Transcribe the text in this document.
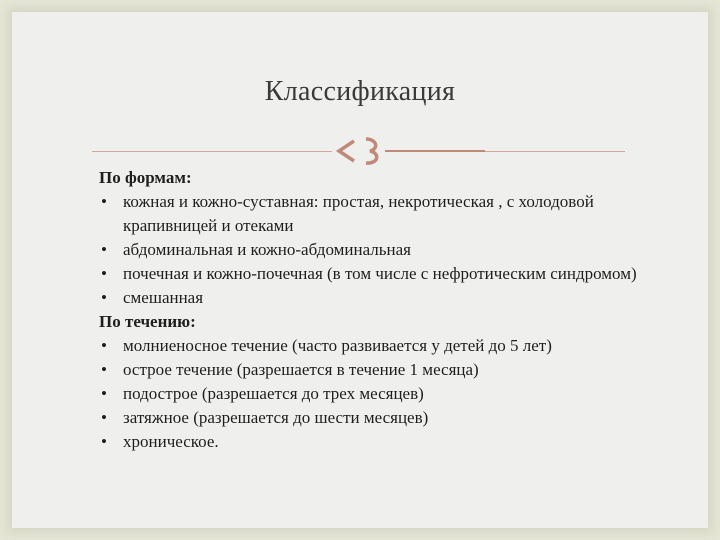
Классификация

По формам:

• кожная и кожно-суставная: простая, некротическая , с холодовой крапивницей и отеками
• абдоминальная и кожно-абдоминальная
• почечная и кожно-почечная (в том числе с нефротическим синдромом)
• смешанная

По течению:

• молниеносное течение (часто развивается у детей до 5 лет)
• острое течение (разрешается в течение 1 месяца)
• подострое (разрешается до трех месяцев)
• затяжное (разрешается до шести месяцев)
• хроническое.
